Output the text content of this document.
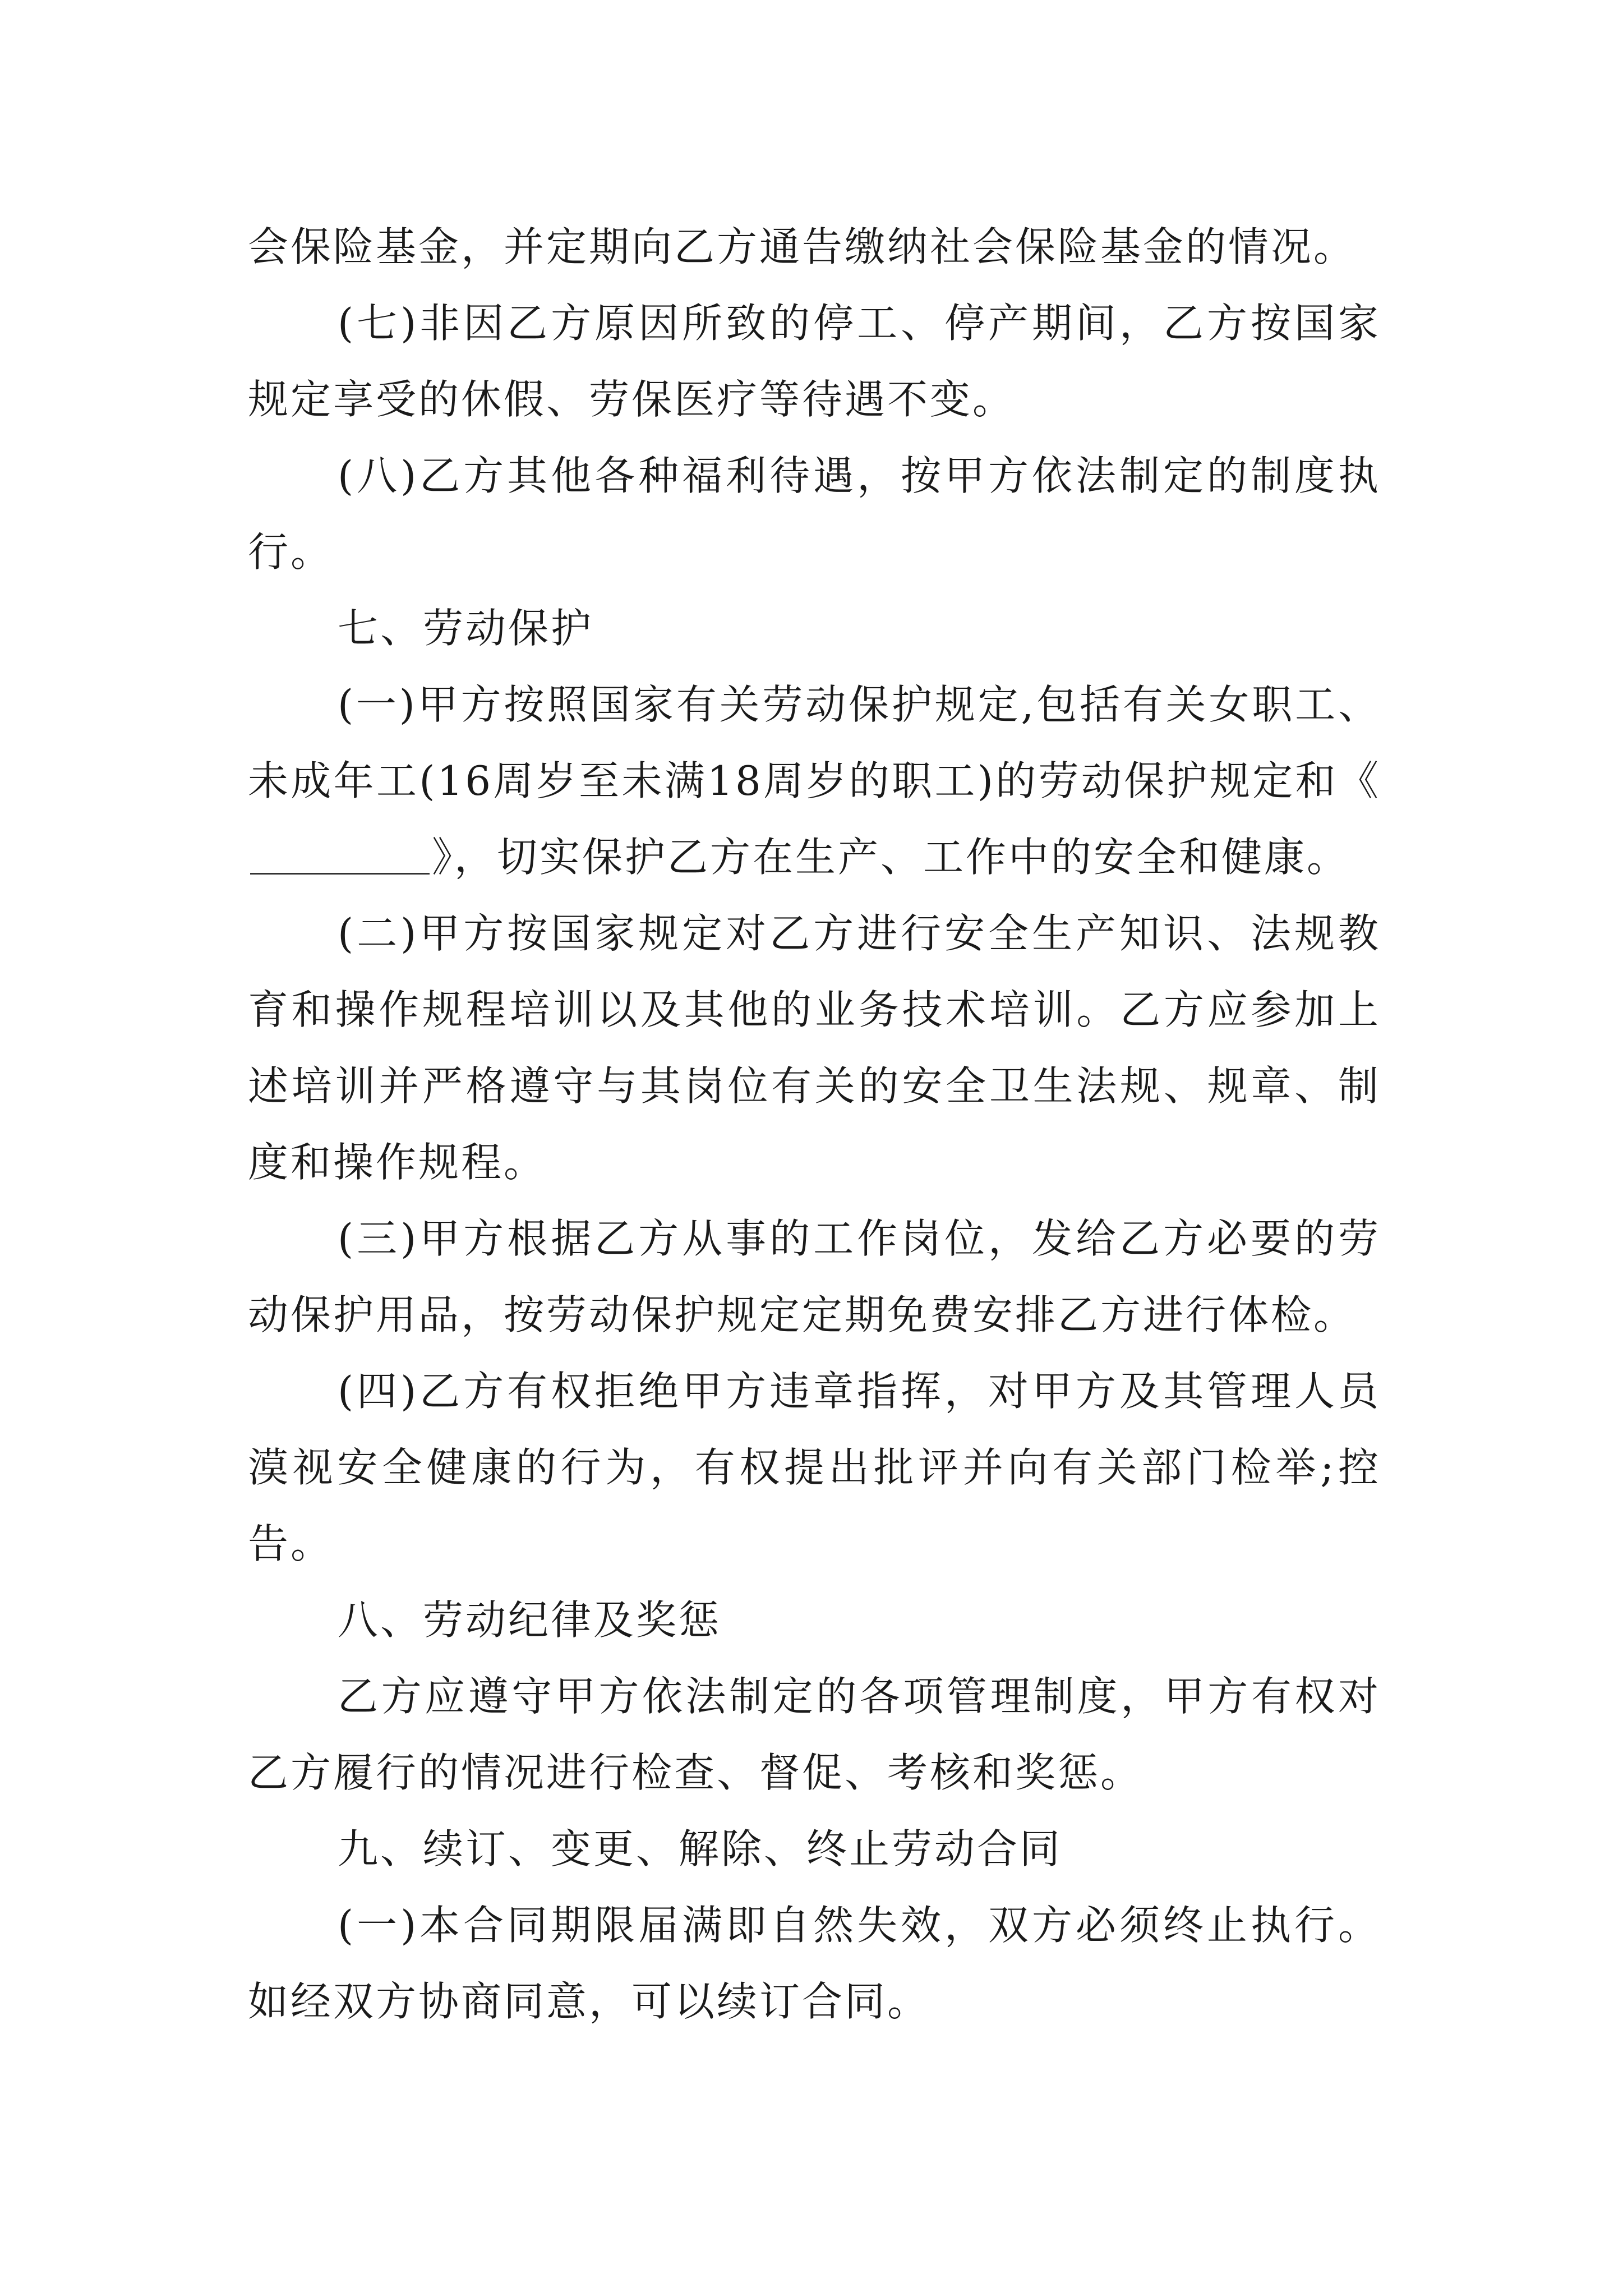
会保险基金，并定期向乙方通告缴纳社会保险基金的情况。

(七)非因乙方原因所致的停工、停产期间，乙方按国家规定享受的休假、劳保医疗等待遇不变。

(八)乙方其他各种福利待遇，按甲方依法制定的制度执行。

七、劳动保护

(一)甲方按照国家有关劳动保护规定,包括有关女职工、未成年工(16周岁至未满18周岁的职工)的劳动保护规定和《》，切实保护乙方在生产、工作中的安全和健康。

(二)甲方按国家规定对乙方进行安全生产知识、法规教育和操作规程培训以及其他的业务技术培训。乙方应参加上述培训并严格遵守与其岗位有关的安全卫生法规、规章、制度和操作规程。

(三)甲方根据乙方从事的工作岗位，发给乙方必要的劳动保护用品，按劳动保护规定定期免费安排乙方进行体检。

(四)乙方有权拒绝甲方违章指挥，对甲方及其管理人员漠视安全健康的行为，有权提出批评并向有关部门检举;控告。

八、劳动纪律及奖惩

乙方应遵守甲方依法制定的各项管理制度，甲方有权对乙方履行的情况进行检查、督促、考核和奖惩。

九、续订、变更、解除、终止劳动合同

(一)本合同期限届满即自然失效，双方必须终止执行。如经双方协商同意，可以续订合同。
